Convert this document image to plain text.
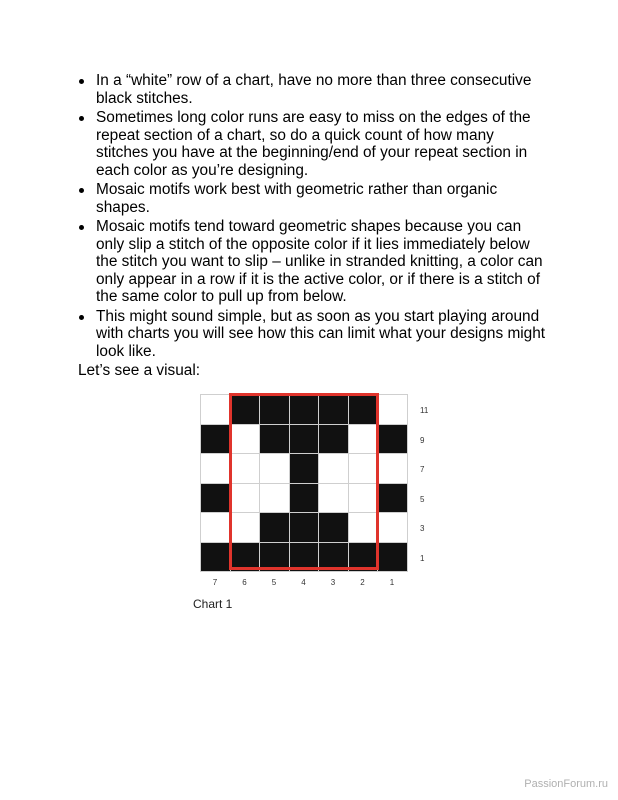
In a “white” row of a chart, have no more than three consecutive black stitches.
Sometimes long color runs are easy to miss on the edges of the repeat section of a chart, so do a quick count of how many stitches you have at the beginning/end of your repeat section in each color as you’re designing.
Mosaic motifs work best with geometric rather than organic shapes.
Mosaic motifs tend toward geometric shapes because you can only slip a stitch of the opposite color if it lies immediately below the stitch you want to slip – unlike in stranded knitting, a color can only appear in a row if it is the active color, or if there is a stitch of the same color to pull up from below.
This might sound simple, but as soon as you start playing around with charts you will see how this can limit what your designs might look like.
Let’s see a visual:
11
9
7
5
3
1
7	6	5	4	3	2	1
Chart 1
PassionForum.ru
